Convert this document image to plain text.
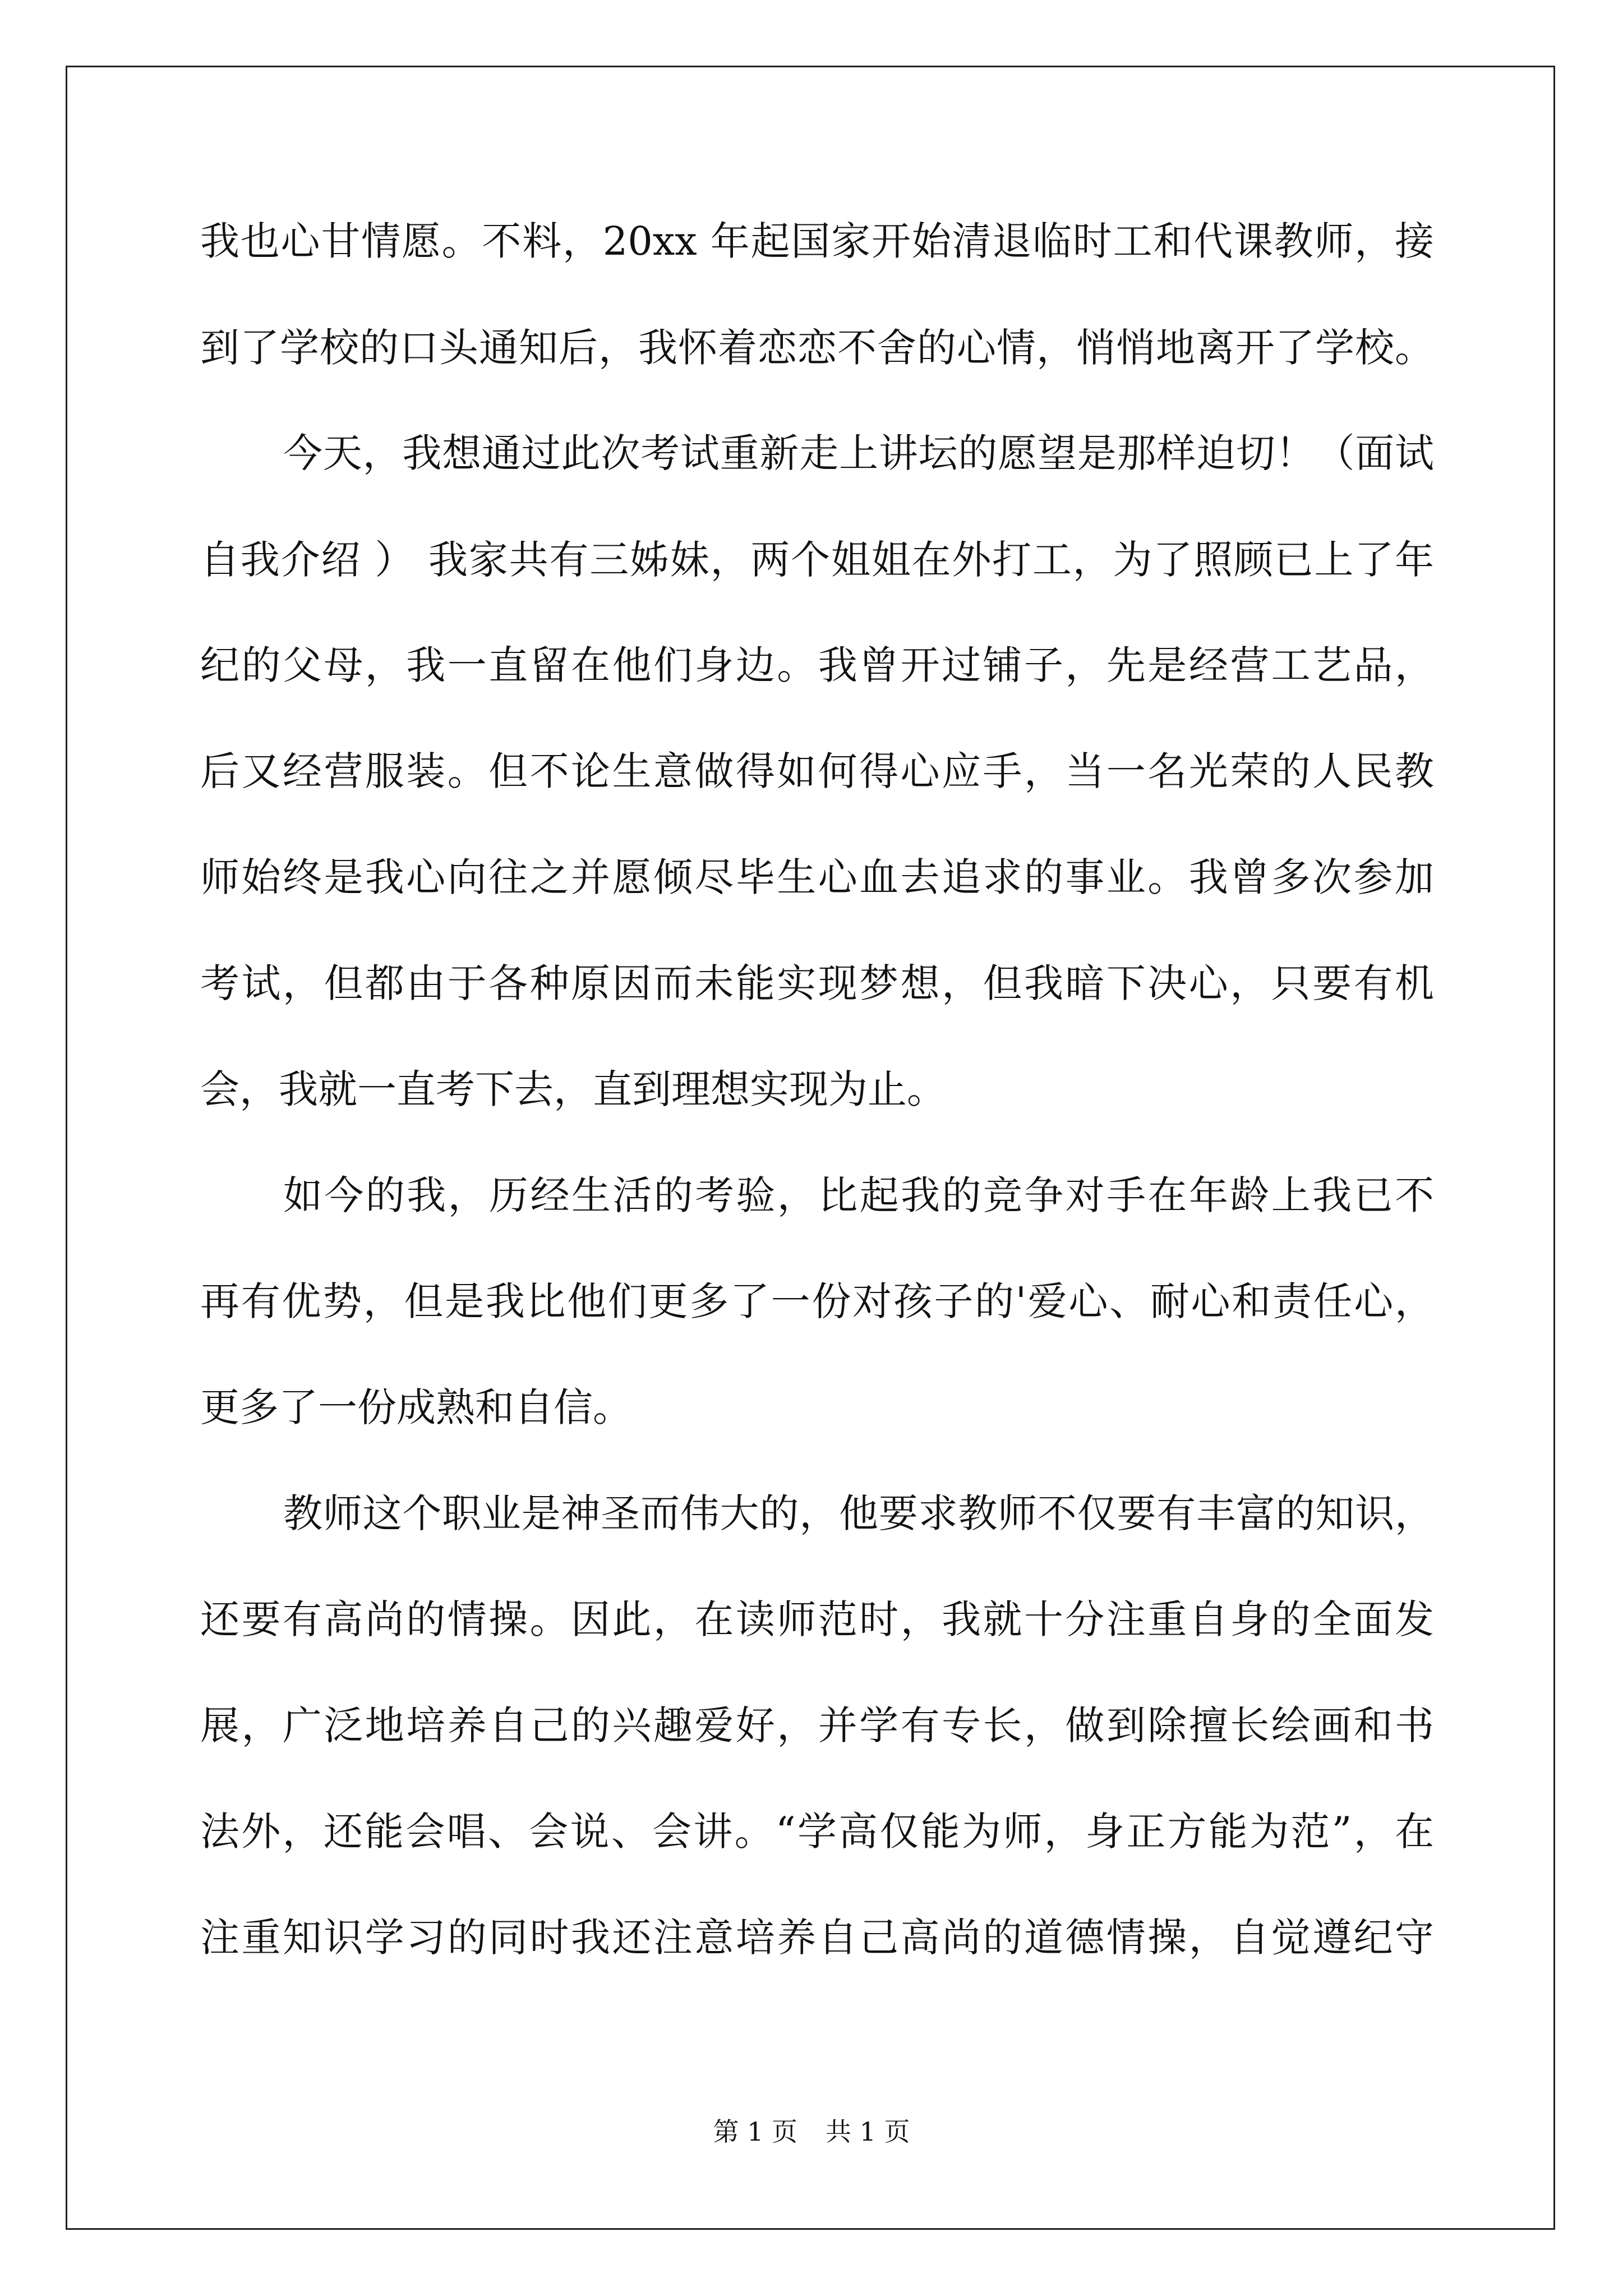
我也心甘情愿。不料，20xx 年起国家开始清退临时工和代课教师，接
到了学校的口头通知后，我怀着恋恋不舍的心情，悄悄地离开了学校。
今天，我想通过此次考试重新走上讲坛的愿望是那样迫切！（面试
自我介绍 ） 我家共有三姊妹，两个姐姐在外打工，为了照顾已上了年
纪的父母，我一直留在他们身边。我曾开过铺子，先是经营工艺品，
后又经营服装。但不论生意做得如何得心应手，当一名光荣的人民教
师始终是我心向往之并愿倾尽毕生心血去追求的事业。我曾多次参加
考试，但都由于各种原因而未能实现梦想，但我暗下决心，只要有机
会，我就一直考下去，直到理想实现为止。
如今的我，历经生活的考验，比起我的竞争对手在年龄上我已不
再有优势，但是我比他们更多了一份对孩子的'爱心、耐心和责任心，
更多了一份成熟和自信。
教师这个职业是神圣而伟大的，他要求教师不仅要有丰富的知识，
还要有高尚的情操。因此，在读师范时，我就十分注重自身的全面发
展，广泛地培养自己的兴趣爱好，并学有专长，做到除擅长绘画和书
法外，还能会唱、会说、会讲。“学高仅能为师，身正方能为范”，在
注重知识学习的同时我还注意培养自己高尚的道德情操，自觉遵纪守
第 1 页 共 1 页
